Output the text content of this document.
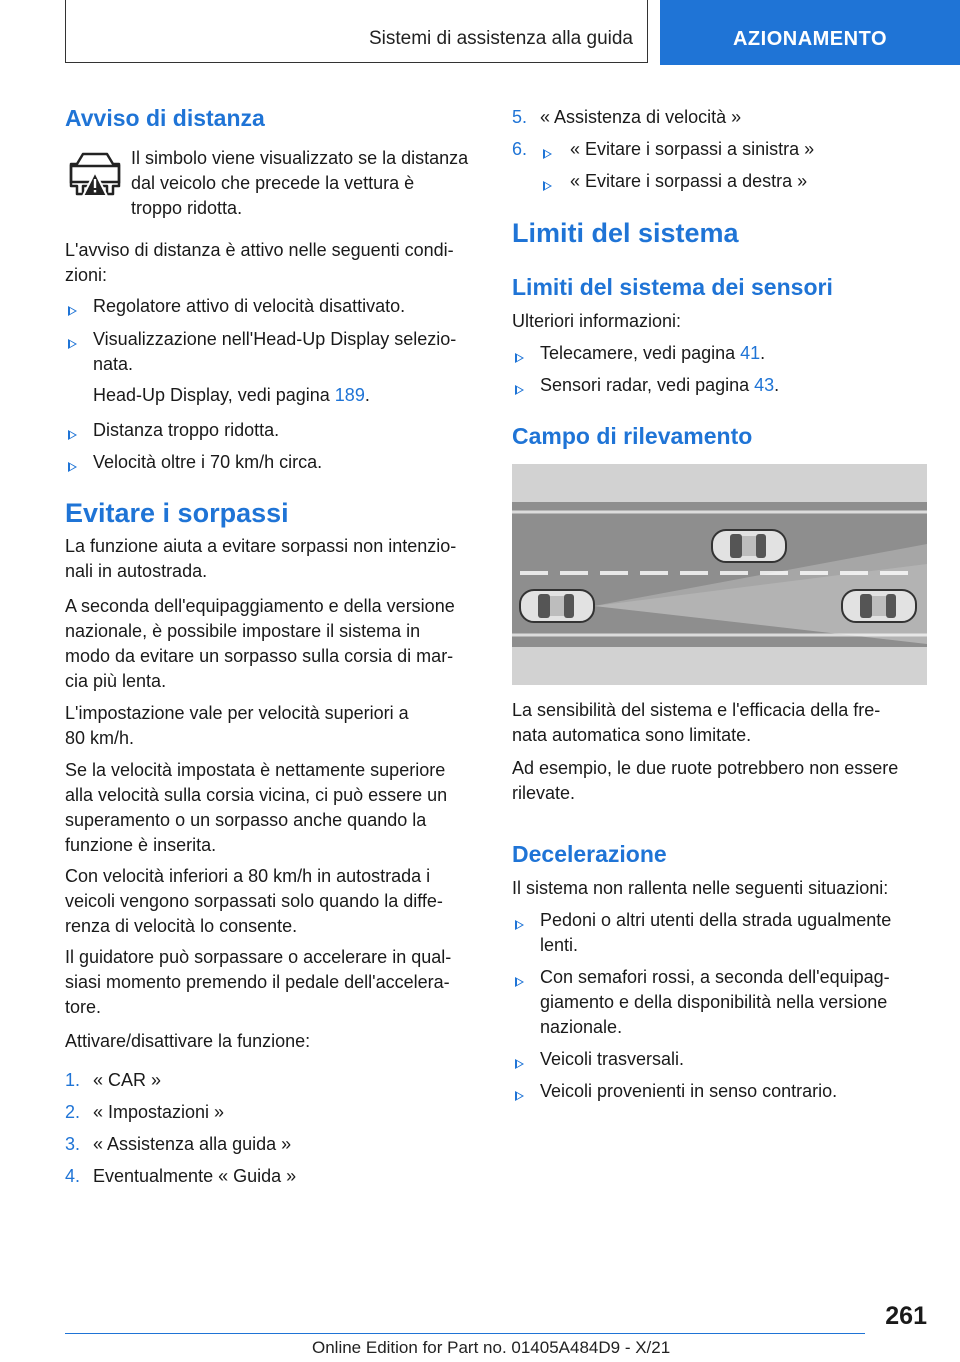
Sistemi di assistenza alla guida	AZIONAMENTO
Avviso di distanza

Il simbolo viene visualizzato se la distanza
dal veicolo che precede la vettura è
troppo ridotta.

L'avviso di distanza è attivo nelle seguenti condi-
zioni:

Regolatore attivo di velocità disattivato.

Visualizzazione nell'Head-Up Display selezio-
nata.

Head-Up Display, vedi pagina 189.

Distanza troppo ridotta.
Velocità oltre i 70 km/h circa.
Evitare i sorpassi

La funzione aiuta a evitare sorpassi non intenzio-
nali in autostrada.

A seconda dell'equipaggiamento e della versione
nazionale, è possibile impostare il sistema in
modo da evitare un sorpasso sulla corsia di mar-
cia più lenta.

L'impostazione vale per velocità superiori a
80 km/h.

Se la velocità impostata è nettamente superiore
alla velocità sulla corsia vicina, ci può essere un
superamento o un sorpasso anche quando la
funzione è inserita.

Con velocità inferiori a 80 km/h in autostrada i
veicoli vengono sorpassati solo quando la diffe-
renza di velocità lo consente.

Il guidatore può sorpassare o accelerare in qual-
siasi momento premendo il pedale dell'accelera-
tore.

Attivare/disattivare la funzione:

1. « CAR »
2. « Impostazioni »
3. « Assistenza alla guida »
4. Eventualmente « Guida »
5. « Assistenza di velocità »
6. « Evitare i sorpassi a sinistra »
« Evitare i sorpassi a destra »
Limiti del sistema
Limiti del sistema dei sensori

Ulteriori informazioni:

Telecamere, vedi pagina 41.

Sensori radar, vedi pagina 43.

Campo di rilevamento

La sensibilità del sistema e l'efficacia della fre-
nata automatica sono limitate.

Ad esempio, le due ruote potrebbero non essere
rilevate.

Decelerazione

Il sistema non rallenta nelle seguenti situazioni:

Pedoni o altri utenti della strada ugualmente
lenti.

Con semafori rossi, a seconda dell'equipag-
giamento e della disponibilità nella versione
nazionale.

Veicoli trasversali.
Veicoli provenienti in senso contrario.
261
Online Edition for Part no. 01405A484D9 - X/21
